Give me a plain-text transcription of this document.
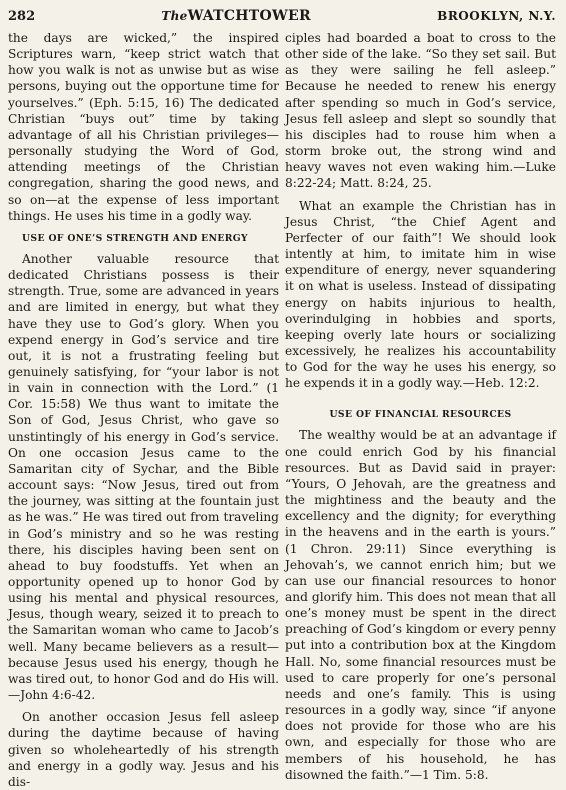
282	TheWATCHTOWER	BROOKLYN, N.Y.

the days are wicked,” the inspired Scriptures warn, “keep strict watch that how you walk is not as unwise but as wise persons, buying out the opportune time for yourselves.” (Eph. 5:15, 16) The dedicated Christian “buys out” time by taking advantage of all his Christian privileges—personally studying the Word of God, attending meetings of the Christian congregation, sharing the good news, and so on—at the expense of less important things. He uses his time in a godly way.

USE OF ONE’S STRENGTH AND ENERGY

Another valuable resource that dedicated Christians possess is their strength. True, some are advanced in years and are limited in energy, but what they have they use to God’s glory. When you expend energy in God’s service and tire out, it is not a frustrating feeling but genuinely satisfying, for “your labor is not in vain in connection with the Lord.” (1 Cor. 15:58) We thus want to imitate the Son of God, Jesus Christ, who gave so unstintingly of his energy in God’s service. On one occasion Jesus came to the Samaritan city of Sychar, and the Bible account says: “Now Jesus, tired out from the journey, was sitting at the fountain just as he was.” He was tired out from traveling in God’s ministry and so he was resting there, his disciples having been sent on ahead to buy foodstuffs. Yet when an opportunity opened up to honor God by using his mental and physical resources, Jesus, though weary, seized it to preach to the Samaritan woman who came to Jacob’s well. Many became believers as a result—because Jesus used his energy, though he was tired out, to honor God and do His will.—John 4:6-42.

On another occasion Jesus fell asleep during the daytime because of having given so wholeheartedly of his strength and energy in a godly way. Jesus and his dis-

ciples had boarded a boat to cross to the other side of the lake. “So they set sail. But as they were sailing he fell asleep.” Because he needed to renew his energy after spending so much in God’s service, Jesus fell asleep and slept so soundly that his disciples had to rouse him when a storm broke out, the strong wind and heavy waves not even waking him.—Luke 8:22-24; Matt. 8:24, 25.

What an example the Christian has in Jesus Christ, “the Chief Agent and Perfecter of our faith”! We should look intently at him, to imitate him in wise expenditure of energy, never squandering it on what is useless. Instead of dissipating energy on habits injurious to health, overindulging in hobbies and sports, keeping overly late hours or socializing excessively, he realizes his accountability to God for the way he uses his energy, so he expends it in a godly way.—Heb. 12:2.

USE OF FINANCIAL RESOURCES

The wealthy would be at an advantage if one could enrich God by his financial resources. But as David said in prayer: “Yours, O Jehovah, are the greatness and the mightiness and the beauty and the excellency and the dignity; for everything in the heavens and in the earth is yours.” (1 Chron. 29:11) Since everything is Jehovah’s, we cannot enrich him; but we can use our financial resources to honor and glorify him. This does not mean that all one’s money must be spent in the direct preaching of God’s kingdom or every penny put into a contribution box at the Kingdom Hall. No, some financial resources must be used to care properly for one’s personal needs and one’s family. This is using resources in a godly way, since “if anyone does not provide for those who are his own, and especially for those who are members of his household, he has disowned the faith.”—1 Tim. 5:8.
